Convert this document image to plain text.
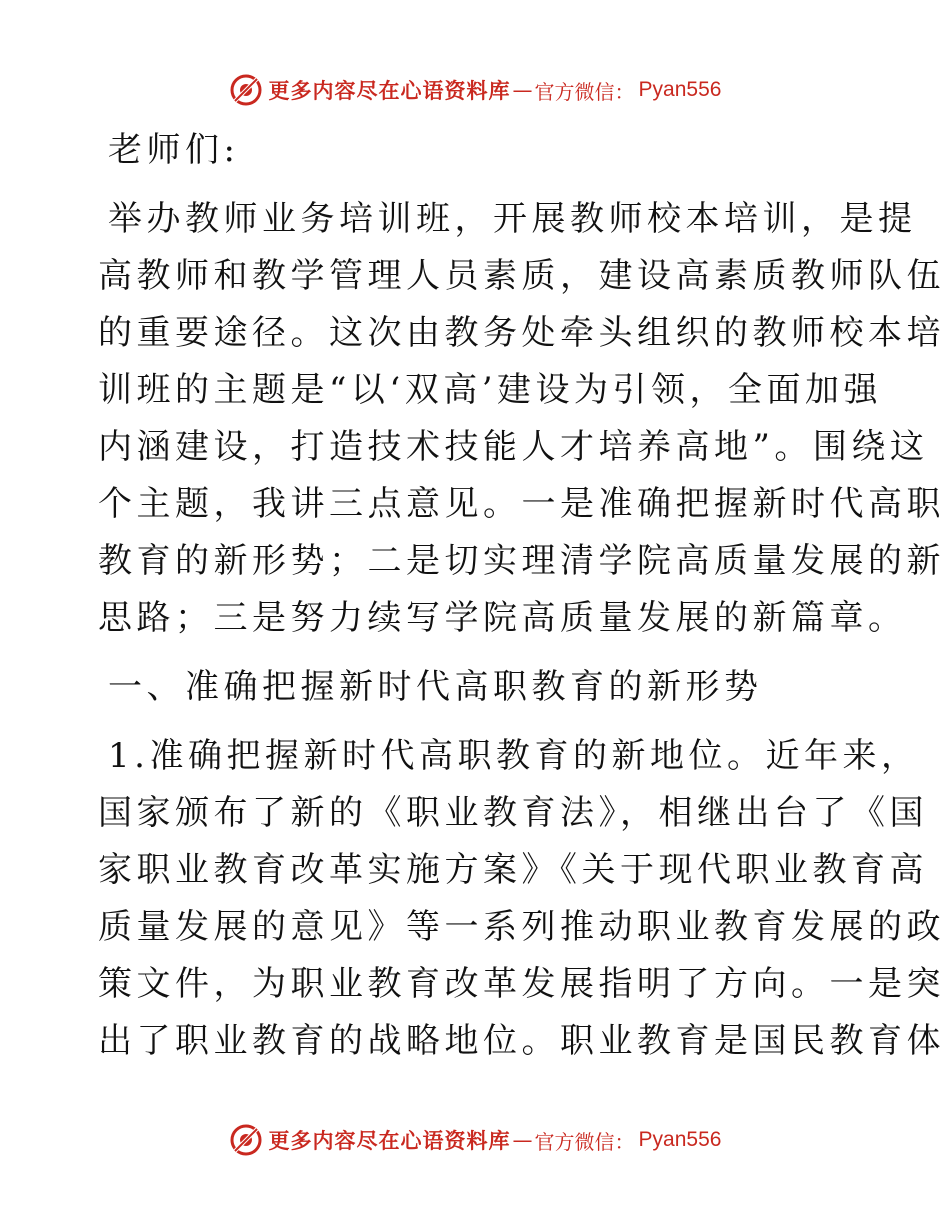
更多内容尽在心语资料库 — 官方微信： Pyan556
老师们:
举办教师业务培训班，开展教师校本培训，是提
高教师和教学管理人员素质，建设高素质教师队伍
的重要途径。这次由教务处牵头组织的教师校本培
训班的主题是“以‘双高’建设为引领，全面加强
内涵建设，打造技术技能人才培养高地”。围绕这
个主题，我讲三点意见。一是准确把握新时代高职
教育的新形势；二是切实理清学院高质量发展的新
思路；三是努力续写学院高质量发展的新篇章。
一、准确把握新时代高职教育的新形势
1.准确把握新时代高职教育的新地位。近年来，
国家颁布了新的《职业教育法》，相继出台了《国
家职业教育改革实施方案》《关于现代职业教育高
质量发展的意见》等一系列推动职业教育发展的政
策文件，为职业教育改革发展指明了方向。一是突
出了职业教育的战略地位。职业教育是国民教育体
更多内容尽在心语资料库 — 官方微信： Pyan556
